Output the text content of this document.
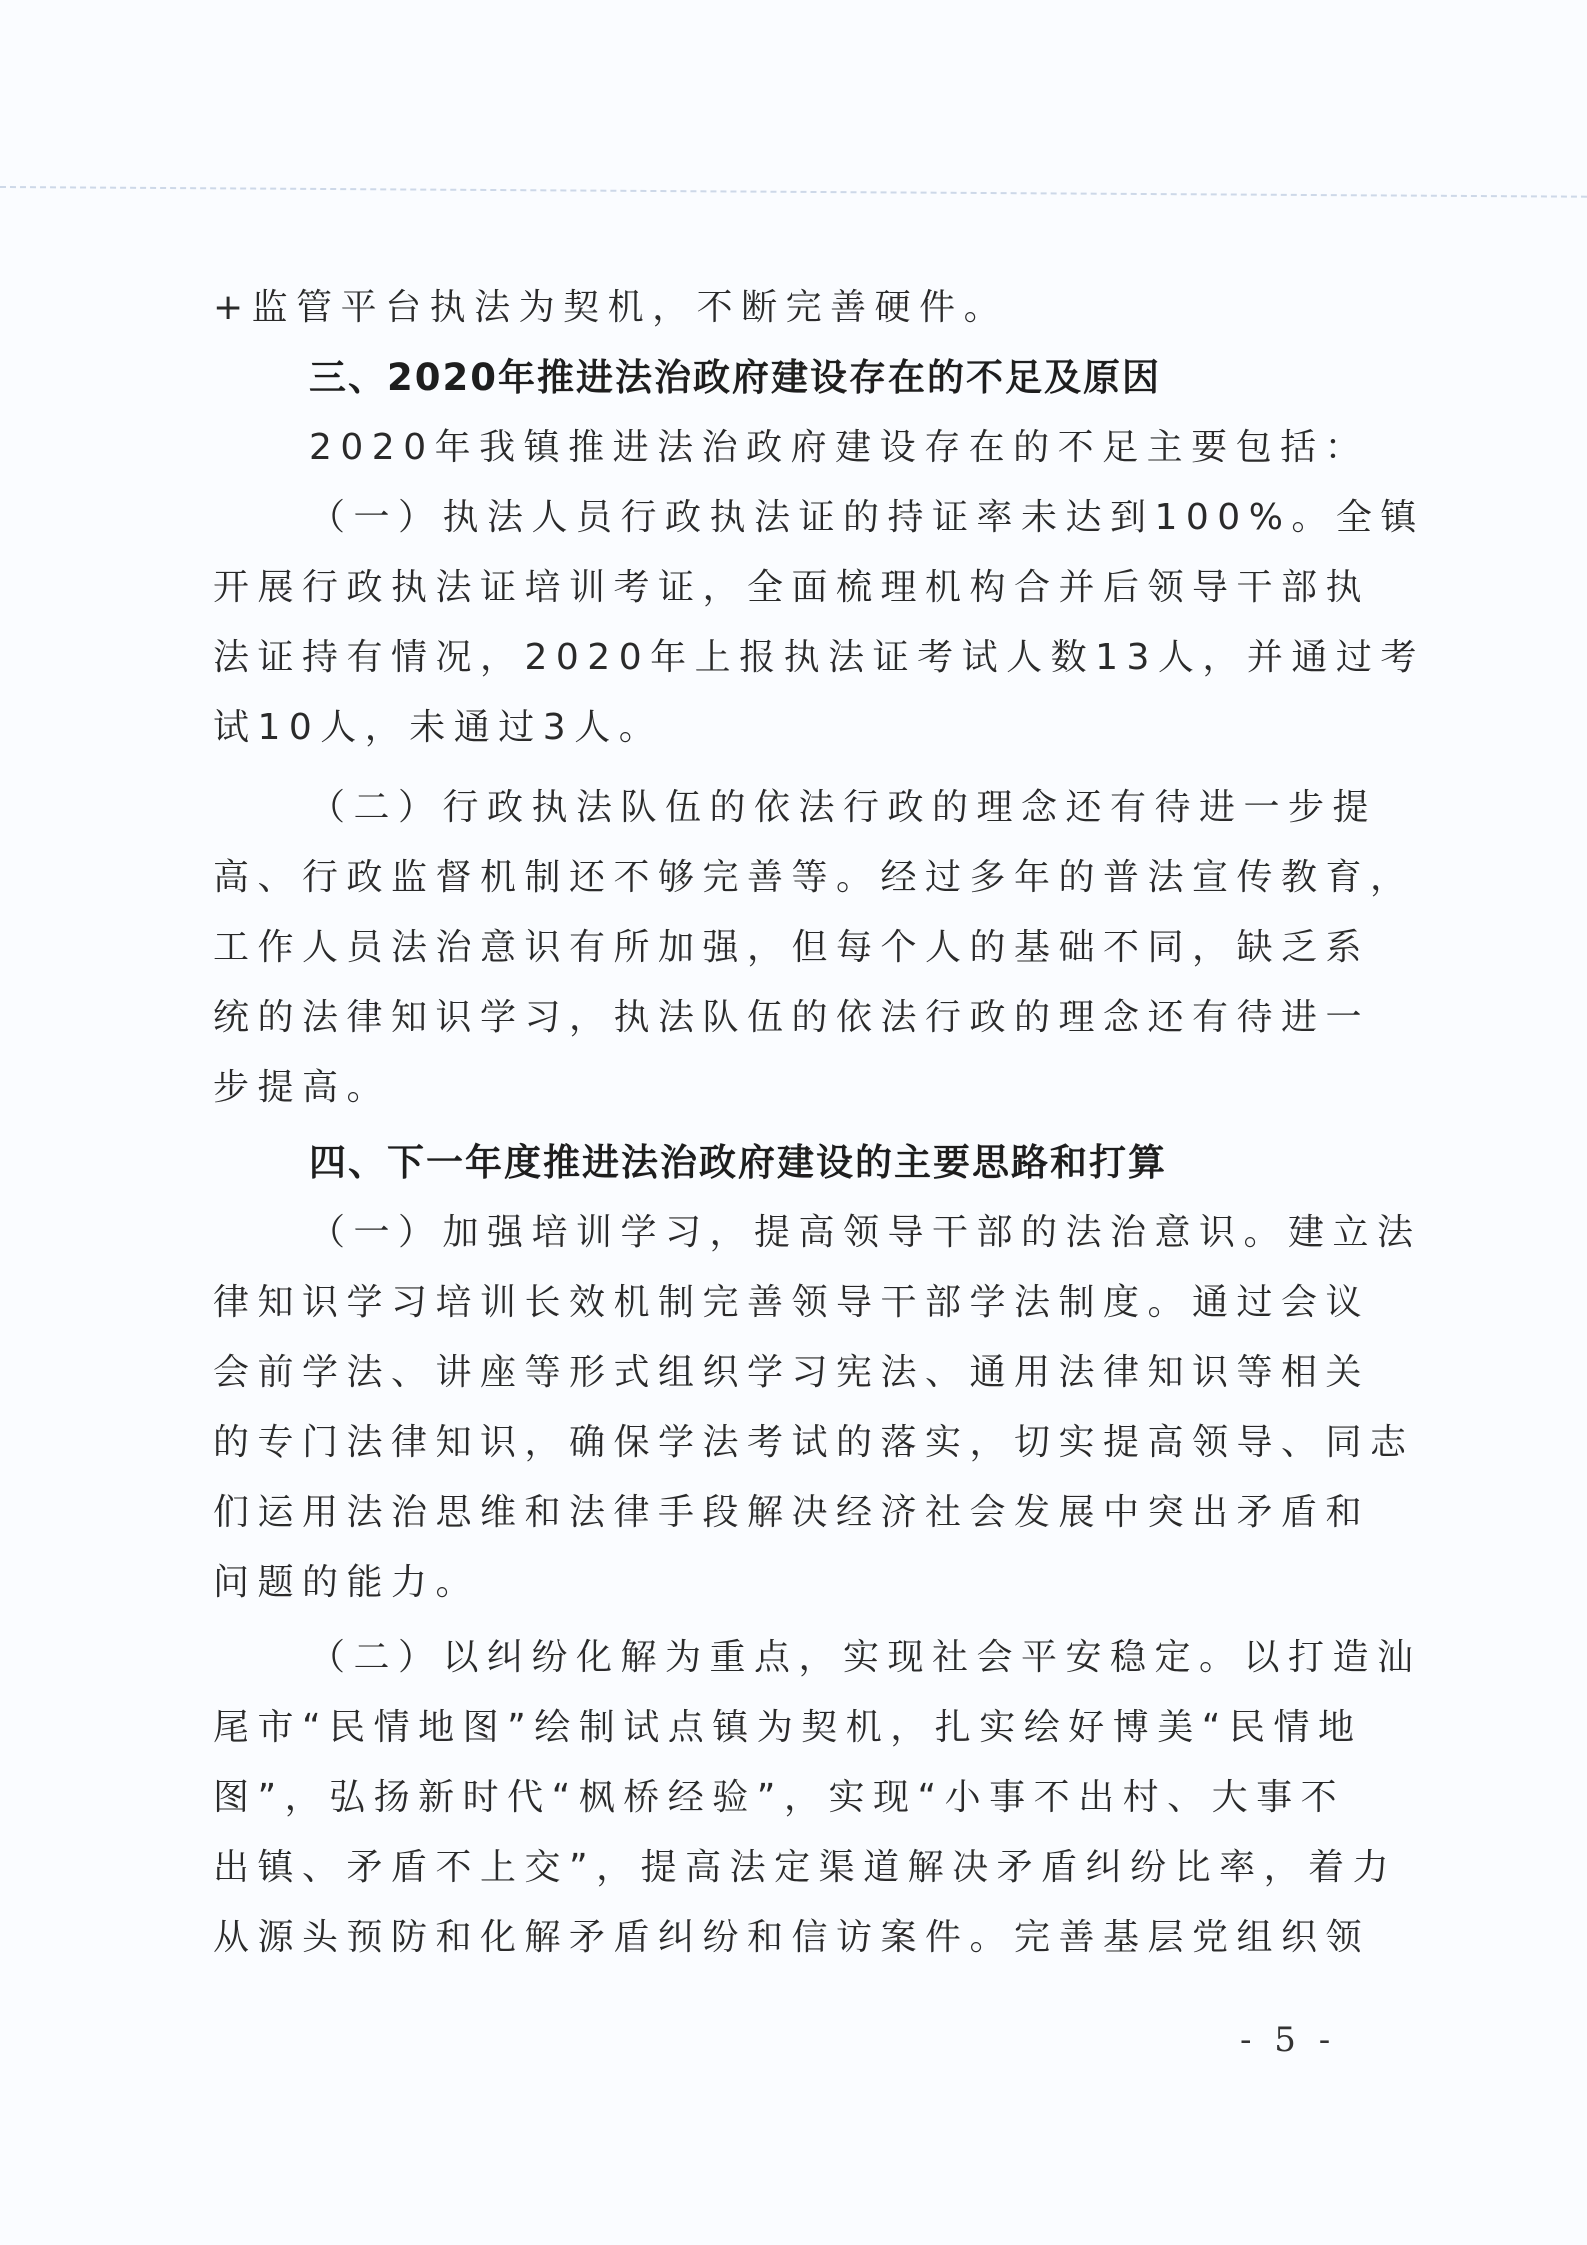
+监管平台执法为契机，不断完善硬件。
三、2020年推进法治政府建设存在的不足及原因
2020年我镇推进法治政府建设存在的不足主要包括：
（一）执法人员行政执法证的持证率未达到100%。全镇
开展行政执法证培训考证，全面梳理机构合并后领导干部执
法证持有情况，2020年上报执法证考试人数13人，并通过考
试10人，未通过3人。
（二）行政执法队伍的依法行政的理念还有待进一步提
高、行政监督机制还不够完善等。经过多年的普法宣传教育，
工作人员法治意识有所加强，但每个人的基础不同，缺乏系
统的法律知识学习，执法队伍的依法行政的理念还有待进一
步提高。
四、下一年度推进法治政府建设的主要思路和打算
（一）加强培训学习，提高领导干部的法治意识。建立法
律知识学习培训长效机制完善领导干部学法制度。通过会议
会前学法、讲座等形式组织学习宪法、通用法律知识等相关
的专门法律知识，确保学法考试的落实，切实提高领导、同志
们运用法治思维和法律手段解决经济社会发展中突出矛盾和
问题的能力。
（二）以纠纷化解为重点，实现社会平安稳定。以打造汕
尾市“民情地图”绘制试点镇为契机，扎实绘好博美“民情地
图”，弘扬新时代“枫桥经验”，实现“小事不出村、大事不
出镇、矛盾不上交”，提高法定渠道解决矛盾纠纷比率，着力
从源头预防和化解矛盾纠纷和信访案件。完善基层党组织领
- 5 -
